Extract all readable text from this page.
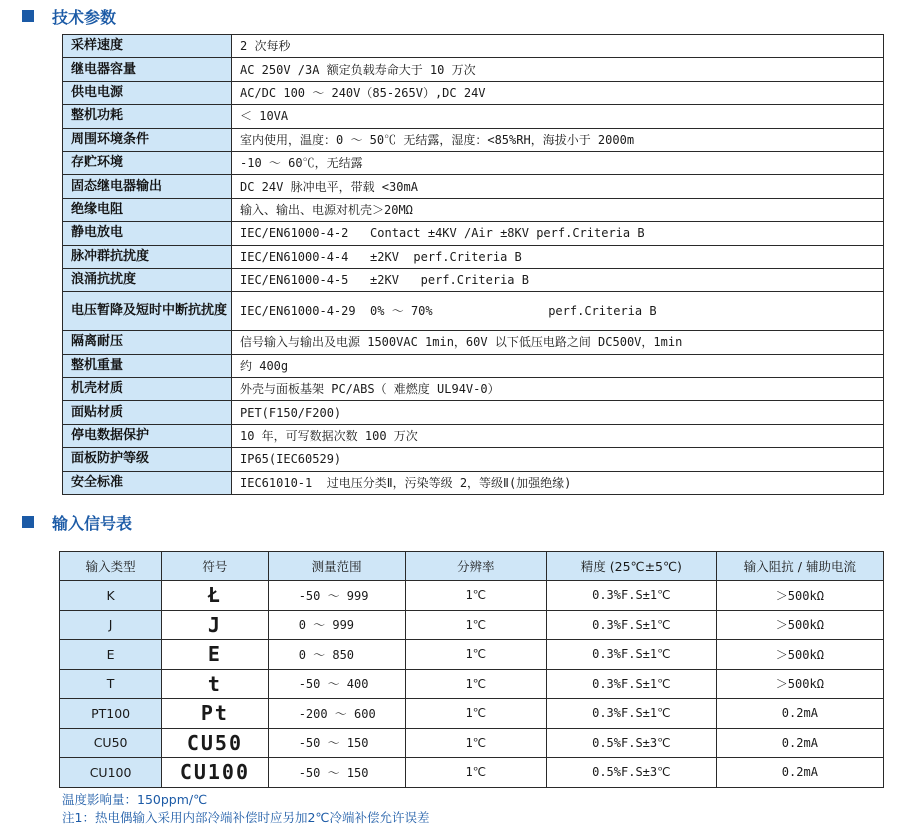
技术参数
采样速度	2 次每秒
继电器容量	AC 250V /3A 额定负载寿命大于 10 万次
供电电源	AC/DC 100 ～ 240V（85-265V）,DC 24V
整机功耗	＜ 10VA
周围环境条件	室内使用，温度：0 ～ 50℃ 无结露，湿度：<85%RH，海拔小于 2000m
存贮环境	-10 ～ 60℃，无结露
固态继电器输出	DC 24V 脉冲电平，带载 <30mA
绝缘电阻	输入、输出、电源对机壳＞20MΩ
静电放电	IEC/EN61000-4-2   Contact ±4KV /Air ±8KV perf.Criteria B
脉冲群抗扰度	IEC/EN61000-4-4   ±2KV  perf.Criteria B
浪涌抗扰度	IEC/EN61000-4-5   ±2KV   perf.Criteria B
电压暂降及短时中断抗扰度	IEC/EN61000-4-29  0% ～ 70%                perf.Criteria B
隔离耐压	信号输入与输出及电源 1500VAC 1min，60V 以下低压电路之间 DC500V，1min
整机重量	约 400g
机壳材质	外壳与面板基架 PC/ABS（ 难燃度 UL94V-0）
面贴材质	PET(F150/F200)
停电数据保护	10 年，可写数据次数 100 万次
面板防护等级	IP65(IEC60529)
安全标准	IEC61010-1  过电压分类Ⅱ，污染等级 2，等级Ⅱ(加强绝缘)
输入信号表
输入类型	符号	测量范围	分辨率	精度 (25℃±5℃)	输入阻抗 / 辅助电流
K	Ł	-50 ～ 999	1℃	0.3%F.S±1℃	＞500kΩ
J	J	0 ～ 999	1℃	0.3%F.S±1℃	＞500kΩ
E	E	0 ～ 850	1℃	0.3%F.S±1℃	＞500kΩ
T	t	-50 ～ 400	1℃	0.3%F.S±1℃	＞500kΩ
PT100	Pt	-200 ～ 600	1℃	0.3%F.S±1℃	0.2mA
CU50	CU50	-50 ～ 150	1℃	0.5%F.S±3℃	0.2mA
CU100	CU100	-50 ～ 150	1℃	0.5%F.S±3℃	0.2mA
温度影响量：150ppm/℃
注1：热电偶输入采用内部冷端补偿时应另加2℃冷端补偿允许误差
